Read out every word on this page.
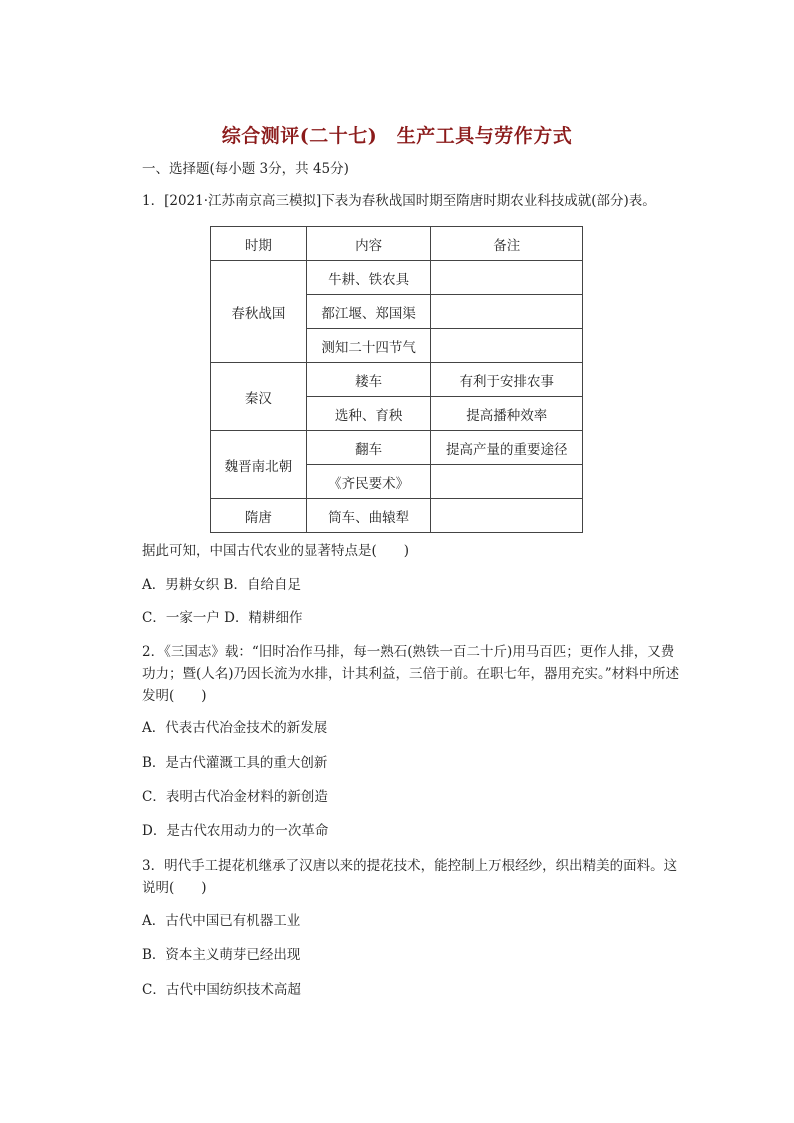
综合测评(二十七)　生产工具与劳作方式
一、选择题(每小题 3分，共 45分)
1．[2021·江苏南京高三模拟]下表为春秋战国时期至隋唐时期农业科技成就(部分)表。
时期	内容	备注
春秋战国	牛耕、铁农具	
	都江堰、郑国渠	
	测知二十四节气	
秦汉	耧车	有利于安排农事
	选种、育秧	提高播种效率
魏晋南北朝	翻车	提高产量的重要途径
	《齐民要术》	
隋唐	筒车、曲辕犁	
据此可知，中国古代农业的显著特点是(　　)
A．男耕女织 B．自给自足
C．一家一户 D．精耕细作
2．《三国志》载：“旧时冶作马排，每一熟石(熟铁一百二十斤)用马百匹；更作人排，又费功力；暨(人名)乃因长流为水排，计其利益，三倍于前。在职七年，器用充实。”材料中所述发明(　　)
A．代表古代冶金技术的新发展
B．是古代灌溉工具的重大创新
C．表明古代冶金材料的新创造
D．是古代农用动力的一次革命
3．明代手工提花机继承了汉唐以来的提花技术，能控制上万根经纱，织出精美的面料。这说明(　　)
A．古代中国已有机器工业
B．资本主义萌芽已经出现
C．古代中国纺织技术高超
